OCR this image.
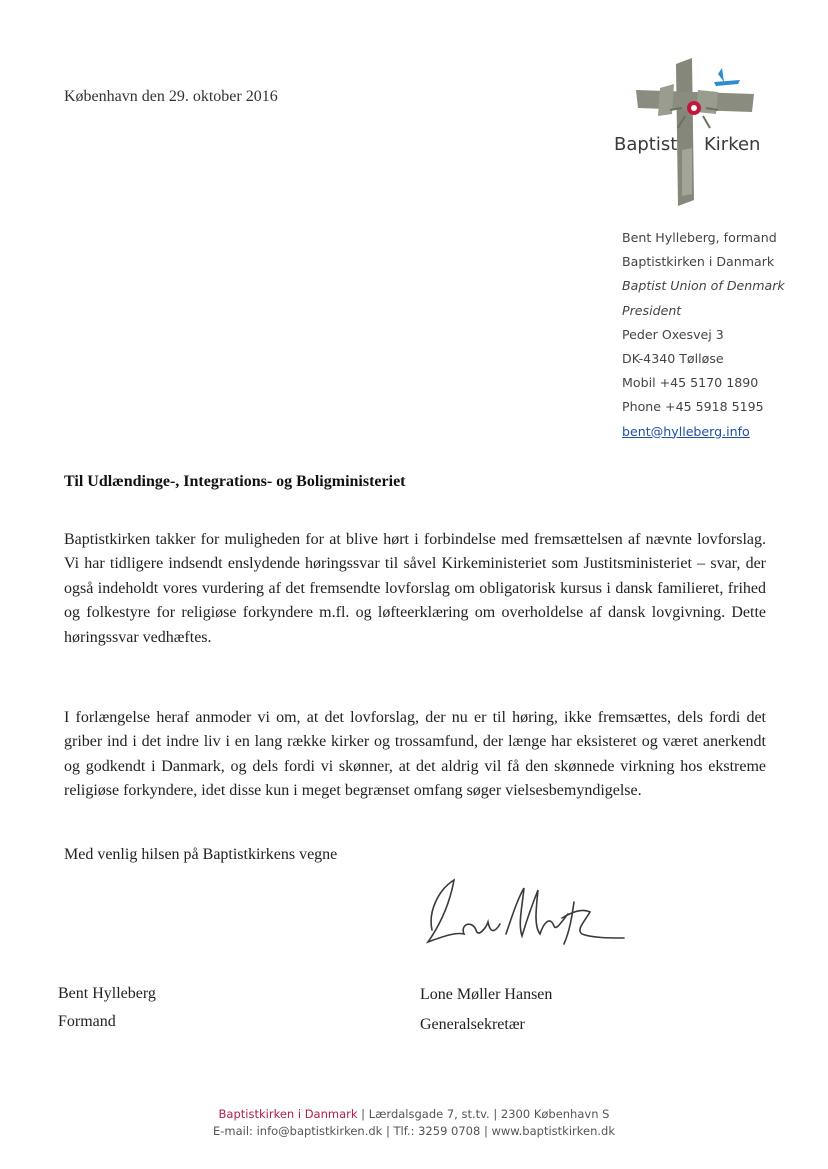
København den 29. oktober 2016
Baptist Kirken
Bent Hylleberg, formand
Baptistkirken i Danmark
Baptist Union of Denmark
President
Peder Oxesvej 3
DK-4340 Tølløse
Mobil +45 5170 1890
Phone +45 5918 5195
bent@hylleberg.info
Til Udlændinge-, Integrations- og Boligministeriet
Baptistkirken takker for muligheden for at blive hørt i forbindelse med fremsættelsen af nævnte lovforslag. Vi har tidligere indsendt enslydende høringssvar til såvel Kirkeministeriet som Justitsministeriet – svar, der også indeholdt vores vurdering af det fremsendte lovforslag om obligatorisk kursus i dansk familieret, frihed og folkestyre for religiøse forkyndere m.fl. og løfteerklæring om overholdelse af dansk lovgivning. Dette høringssvar vedhæftes.
I forlængelse heraf anmoder vi om, at det lovforslag, der nu er til høring, ikke fremsættes, dels fordi det griber ind i det indre liv i en lang række kirker og trossamfund, der længe har eksisteret og været anerkendt og godkendt i Danmark, og dels fordi vi skønner, at det aldrig vil få den skønnede virkning hos ekstreme religiøse forkyndere, idet disse kun i meget begrænset omfang søger vielsesbemyndigelse.
Med venlig hilsen på Baptistkirkens vegne
Bent Hylleberg
Formand
Lone Møller Hansen
Generalsekretær
Baptistkirken i Danmark | Lærdalsgade 7, st.tv. | 2300 København S
E-mail: info@baptistkirken.dk | Tlf.: 3259 0708 | www.baptistkirken.dk
